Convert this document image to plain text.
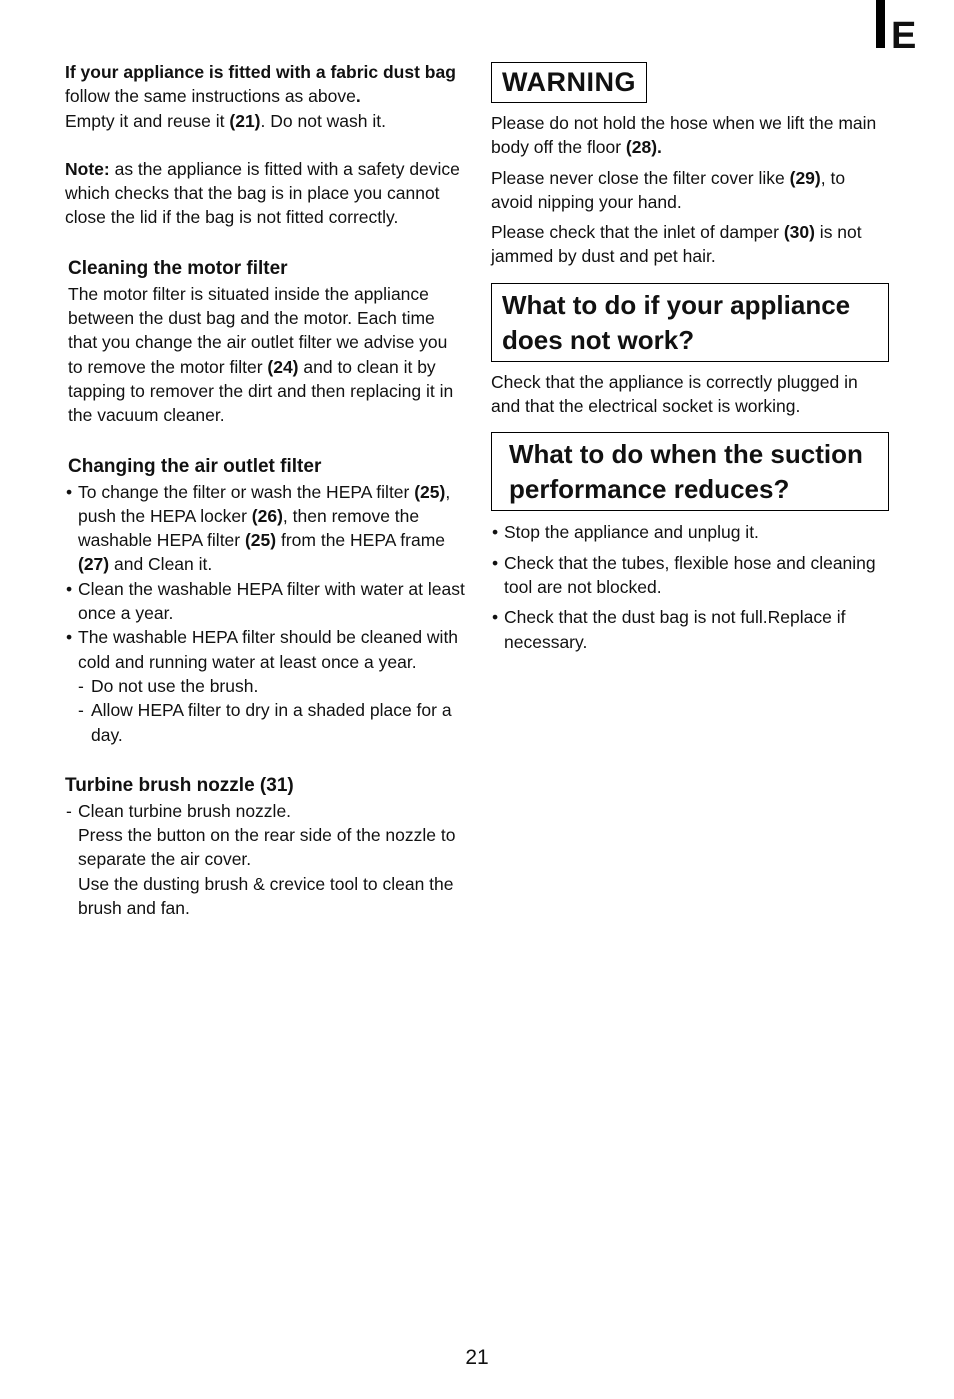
E

If your appliance is fitted with a fabric dust bag follow the same instructions as above.
Empty it and reuse it (21). Do not wash it.

Note: as the appliance is fitted with a safety device which checks that the bag is in place you cannot close the lid if the bag is not fitted correctly.

Cleaning the motor filter

The motor filter is situated inside the appliance between the dust bag and the motor. Each time that you change the air outlet filter we advise you to remove the motor filter (24) and to clean it by tapping to remover the dirt and then replacing it in the vacuum cleaner.

Changing the air outlet filter
• To change the filter or wash the HEPA filter (25), push the HEPA locker (26), then remove the washable HEPA filter (25) from the HEPA frame (27) and Clean it.
• Clean the washable HEPA filter with water at least once a year.
• The washable HEPA filter should be cleaned with cold and running water at least once a year.
- Do not use the brush.
- Allow HEPA filter to dry in a shaded place for a day.
Turbine brush nozzle (31)
- Clean turbine brush nozzle.
Press the button on the rear side of the nozzle to separate the air cover.
Use the dusting brush & crevice tool to clean the brush and fan.
WARNING

Please do not hold the hose when we lift the main body off the floor (28).

Please never close the filter cover like (29), to avoid nipping your hand.

Please check that the inlet of damper (30) is not jammed by dust and pet hair.

What to do if your appliance does not work?

Check that the appliance is correctly plugged in and that the electrical socket is working.

What to do when the suction performance reduces?
• Stop the appliance and unplug it.
• Check that the tubes, flexible hose and cleaning tool are not blocked.
• Check that the dust bag is not full.Replace if necessary.
21
